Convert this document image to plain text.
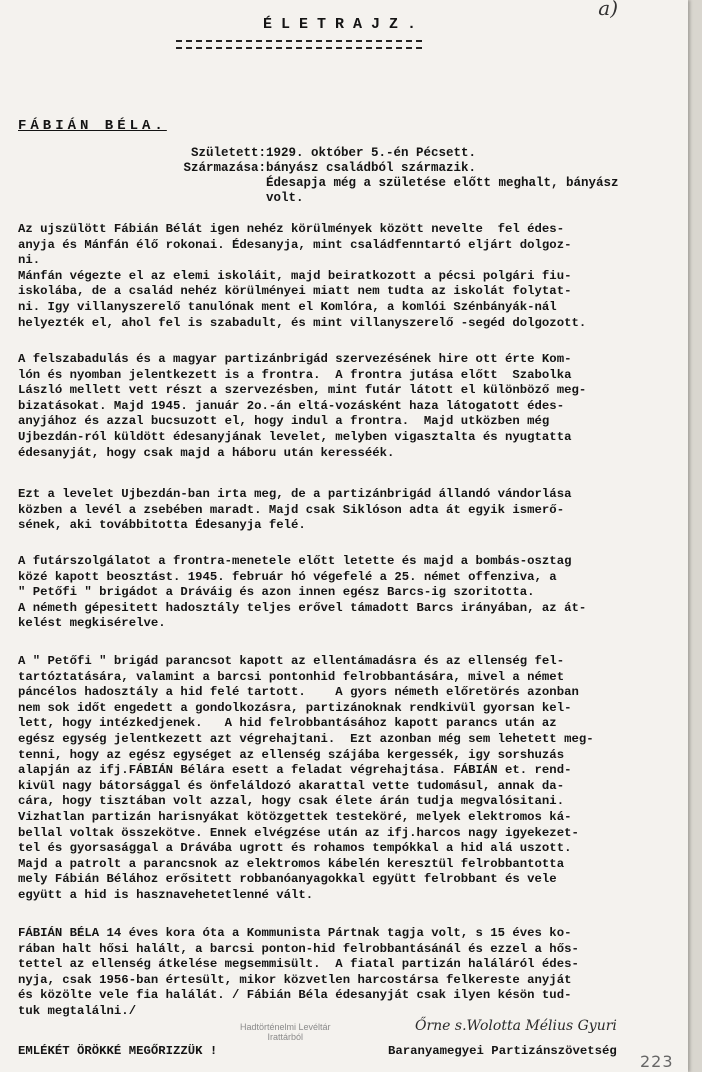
a)
ÉLETRAJZ.
FÁBIÁN BÉLA.
Született: 1929. október 5.-én Pécsett.
Származása: bányász családból származik.
Édesapja még a születése előtt meghalt, bányász
volt.
Az ujszülött Fábián Bélát igen nehéz körülmények között nevelte  fel édes-
anyja és Mánfán élő rokonai. Édesanyja, mint családfenntartó eljárt dolgoz-
ni.
Mánfán végezte el az elemi iskoláit, majd beiratkozott a pécsi polgári fiu-
iskolába, de a család nehéz körülményei miatt nem tudta az iskolát folytat-
ni. Igy villanyszerelő tanulónak ment el Komlóra, a komlói Szénbányák-nál
helyezték el, ahol fel is szabadult, és mint villanyszerelő -segéd dolgozott.
A felszabadulás és a magyar partizánbrigád szervezésének hire ott érte Kom-
lón és nyomban jelentkezett is a frontra.  A frontra jutása előtt  Szabolka
László mellett vett részt a szervezésben, mint futár látott el különböző meg-
bizatásokat. Majd 1945. január 2o.-án eltá-vozásként haza látogatott édes-
anyjához és azzal bucsuzott el, hogy indul a frontra.  Majd utközben még
Ujbezdán-ról küldött édesanyjának levelet, melyben vigasztalta és nyugtatta
édesanyját, hogy csak majd a háboru után keresséék.
Ezt a levelet Ujbezdán-ban irta meg, de a partizánbrigád állandó vándorlása
közben a levél a zsebében maradt. Majd csak Siklóson adta át egyik ismerő-
sének, aki továbbitotta Édesanyja felé.
A futárszolgálatot a frontra-menetele előtt letette és majd a bombás-osztag
közé kapott beosztást. 1945. február hó végefelé a 25. német offenziva, a
" Petőfi " brigádot a Dráváig és azon innen egész Barcs-ig szoritotta.
A németh gépesitett hadosztály teljes erővel támadott Barcs irányában, az át-
kelést megkisérelve.
A " Petőfi " brigád parancsot kapott az ellentámadásra és az ellenség fel-
tartóztatására, valamint a barcsi pontonhid felrobbantására, mivel a német
páncélos hadosztály a hid felé tartott.    A gyors németh előretörés azonban
nem sok időt engedett a gondolkozásra, partizánoknak rendkivül gyorsan kel-
lett, hogy intézkedjenek.   A hid felrobbantásához kapott parancs után az
egész egység jelentkezett azt végrehajtani.  Ezt azonban még sem lehetett meg-
tenni, hogy az egész egységet az ellenség szájába kergessék, igy sorshuzás
alapján az ifj.FÁBIÁN Bélára esett a feladat végrehajtása. FÁBIÁN et. rend-
kivül nagy bátorsággal és önfeláldozó akarattal vette tudomásul, annak da-
cára, hogy tisztában volt azzal, hogy csak élete árán tudja megvalósitani.
Vizhatlan partizán harisnyákat kötözgettek testeköré, melyek elektromos ká-
bellal voltak összekötve. Ennek elvégzése után az ifj.harcos nagy igyekezet-
tel és gyorsasággal a Drávába ugrott és rohamos tempókkal a hid alá uszott.
Majd a patrolt a parancsnok az elektromos kábelén keresztül felrobbantotta
mely Fábián Bélához erősitett robbanóanyagokkal együtt felrobbant és vele
együtt a hid is hasznavehetetlenné vált.
FÁBIÁN BÉLA 14 éves kora óta a Kommunista Pártnak tagja volt, s 15 éves ko-
rában halt hősi halált, a barcsi ponton-hid felrobbantásánál és ezzel a hős-
tettel az ellenség átkelése megsemmisült.  A fiatal partizán haláláról édes-
nyja, csak 1956-ban értesült, mikor közvetlen harcostársa felkereste anyját
és közölte vele fia halálát. / Fábián Béla édesanyját csak ilyen késön tud-
tuk megtalálni./
Hadtörténelmi Levéltár
Irattárból
Őrne s.Wolotta Mélius Gyuri
EMLÉKÉT ÖRÖKKÉ MEGŐRIZZÜK !	Baranyamegyei Partizánszövetség
223
